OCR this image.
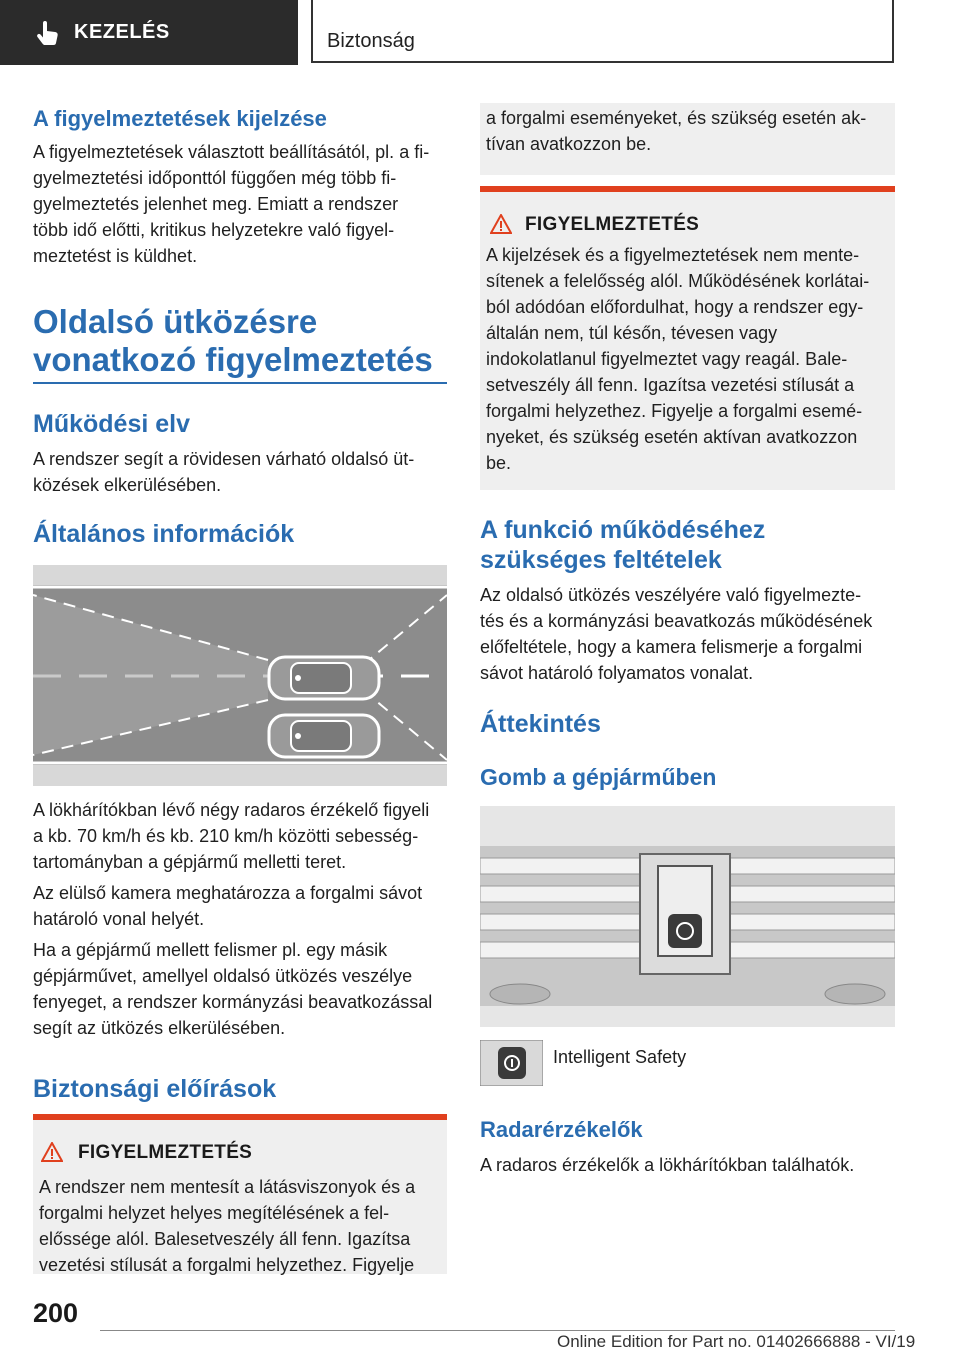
KEZELÉS	Biztonság
A figyelmeztetések kijelzése
A figyelmeztetések választott beállításától, pl. a fi-
gyelmeztetési időponttól függően még több fi-
gyelmeztetés jelenhet meg. Emiatt a rendszer
több idő előtti, kritikus helyzetekre való figyel-
meztetést is küldhet.
Oldalsó ütközésre
vonatkozó figyelmeztetés
Működési elv
A rendszer segít a rövidesen várható oldalsó üt-
közések elkerülésében.
Általános információk
A lökhárítókban lévő négy radaros érzékelő figyeli
a kb. 70 km/h és kb. 210 km/h közötti sebesség-
tartományban a gépjármű melletti teret.
Az elülső kamera meghatározza a forgalmi sávot
határoló vonal helyét.
Ha a gépjármű mellett felismer pl. egy másik
gépjárművet, amellyel oldalsó ütközés veszélye
fenyeget, a rendszer kormányzási beavatkozással
segít az ütközés elkerülésében.
Biztonsági előírások
FIGYELMEZTETÉS
A rendszer nem mentesít a látásviszonyok és a
forgalmi helyzet helyes megítélésének a fel-
előssége alól. Balesetveszély áll fenn. Igazítsa
vezetési stílusát a forgalmi helyzethez. Figyelje
a forgalmi eseményeket, és szükség esetén ak-
tívan avatkozzon be.
FIGYELMEZTETÉS
A kijelzések és a figyelmeztetések nem mente-
sítenek a felelősség alól. Működésének korlátai-
ból adódóan előfordulhat, hogy a rendszer egy-
általán nem, túl későn, tévesen vagy
indokolatlanul figyelmeztet vagy reagál. Bale-
setveszély áll fenn. Igazítsa vezetési stílusát a
forgalmi helyzethez. Figyelje a forgalmi esemé-
nyeket, és szükség esetén aktívan avatkozzon
be.
A funkció működéséhez
szükséges feltételek
Az oldalsó ütközés veszélyére való figyelmezte-
tés és a kormányzási beavatkozás működésének
előfeltétele, hogy a kamera felismerje a forgalmi
sávot határoló folyamatos vonalat.
Áttekintés
Gomb a gépjárműben
Intelligent Safety
Radarérzékelők
A radaros érzékelők a lökhárítókban találhatók.
200
Online Edition for Part no. 01402666888 - VI/19
